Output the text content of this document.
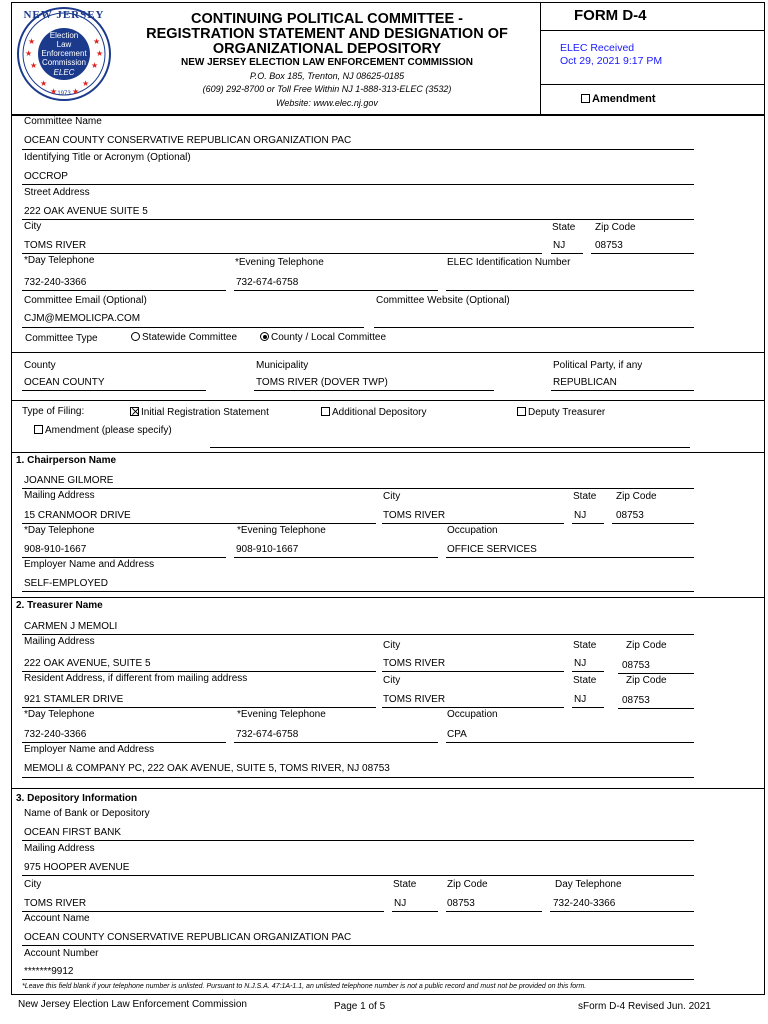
★
★
★
★
★
★
★	★
★ ★
NEW JERSEY
Election
Law
Enforcement
Commission
ELEC
1973
CONTINUING POLITICAL COMMITTEE -
REGISTRATION STATEMENT AND DESIGNATION OF
ORGANIZATIONAL DEPOSITORY
NEW JERSEY ELECTION LAW ENFORCEMENT COMMISSION
P.O. Box 185, Trenton, NJ 08625-0185
(609) 292-8700 or Toll Free Within NJ 1-888-313-ELEC (3532)
Website: www.elec.nj.gov
FORM D-4
ELEC Received
Oct 29, 2021 9:17 PM
Amendment
Committee Name
OCEAN COUNTY CONSERVATIVE REPUBLICAN ORGANIZATION PAC
Identifying Title or Acronym (Optional)
OCCROP
Street Address
222 OAK AVENUE SUITE 5
City	State Zip Code
TOMS RIVER	NJ	08753
*Day Telephone	*Evening Telephone	ELEC Identification Number
732-240-3366	732-674-6758
Committee Email (Optional)	Committee Website (Optional)
CJM@MEMOLICPA.COM
Committee Type	Statewide Committee	County / Local Committee
County	Municipality	Political Party, if any
OCEAN COUNTY	TOMS RIVER (DOVER TWP)	REPUBLICAN
Type of Filing:	Initial Registration Statement	Additional Depository	Deputy Treasurer
Amendment (please specify)
1. Chairperson Name
JOANNE GILMORE
Mailing Address	City	State Zip Code
15 CRANMOOR DRIVE	TOMS RIVER	NJ	08753
*Day Telephone	*Evening Telephone	Occupation
908-910-1667	908-910-1667	OFFICE SERVICES
Employer Name and Address
SELF-EMPLOYED
2. Treasurer Name
CARMEN J MEMOLI
Mailing Address	City	State	Zip Code
222 OAK AVENUE, SUITE 5	TOMS RIVER	NJ	08753
Resident Address, if different from mailing address	City	State	Zip Code
921 STAMLER DRIVE	TOMS RIVER	NJ	08753
*Day Telephone	*Evening Telephone	Occupation
732-240-3366	732-674-6758	CPA
Employer Name and Address
MEMOLI & COMPANY PC, 222 OAK AVENUE, SUITE 5, TOMS RIVER, NJ 08753
3. Depository Information
Name of Bank or Depository
OCEAN FIRST BANK
Mailing Address
975 HOOPER AVENUE
City	State	Zip Code	Day Telephone
TOMS RIVER	NJ	08753	732-240-3366
Account Name
OCEAN COUNTY CONSERVATIVE REPUBLICAN ORGANIZATION PAC
Account Number
*******9912
*Leave this field blank if your telephone number is unlisted. Pursuant to N.J.S.A. 47:1A-1.1, an unlisted telephone number is not a public record and must not be provided on this form.
New Jersey Election Law Enforcement Commission	Page 1 of 5	sForm D-4 Revised Jun. 2021
